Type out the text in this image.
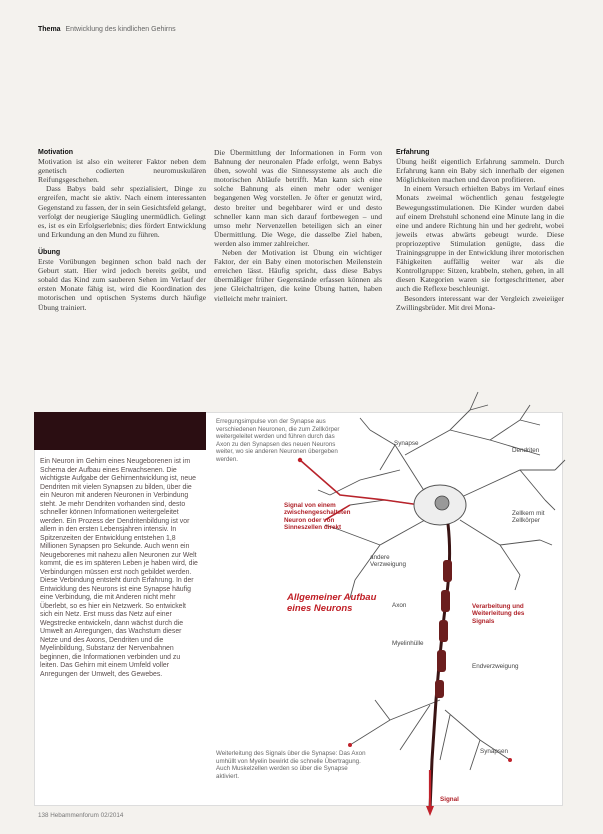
Thema Entwicklung des kindlichen Gehirns
Motivation

Motivation ist also ein weiterer Faktor neben dem genetisch codierten neuromuskulären Reifungsgeschehen.

Dass Babys bald sehr spezialisiert, Dinge zu ergreifen, macht sie aktiv. Nach einem interessanten Gegenstand zu fassen, der in sein Gesichtsfeld gelangt, verfolgt der neugierige Säugling unermüdlich. Gelingt es, ist es ein Erfolgserlebnis; dies fördert Entwicklung und Erkundung an den Mund zu führen.

Übung

Erste Vorübungen beginnen schon bald nach der Geburt statt. Hier wird jedoch bereits geübt, und sobald das Kind zum sauberen Sehen im Verlauf der ersten Monate fähig ist, wird die Koordination des motorischen und optischen Systems durch häufige Übung trainiert.

Die Übermittlung der Informationen in Form von Bahnung der neuronalen Pfade erfolgt, wenn Babys üben, sowohl was die Sinnessysteme als auch die motorischen Abläufe betrifft. Man kann sich eine solche Bahnung als einen mehr oder weniger begangenen Weg vorstellen. Je öfter er genutzt wird, desto breiter und begehbarer wird er und desto schneller kann man sich darauf fortbewegen – und umso mehr Nervenzellen beteiligen sich an einer Übermittlung. Die Wege, die dasselbe Ziel haben, werden also immer zahlreicher.

Neben der Motivation ist Übung ein wichtiger Faktor, der ein Baby einen motorischen Meilenstein erreichen lässt. Häufig spricht, dass diese Babys übermäßiger früher Gegenstände erfassen können als jene Gleichaltrigen, die keine Übung hatten, haben vielleicht mehr trainiert.

Erfahrung

Übung heißt eigentlich Erfahrung sammeln. Durch Erfahrung kann ein Baby sich innerhalb der eigenen Möglichkeiten machen und davon profitieren.

In einem Versuch erhielten Babys im Verlauf eines Monats zweimal wöchentlich genau festgelegte Bewegungsstimulationen. Die Kinder wurden dabei auf einem Drehstuhl schonend eine Minute lang in die eine und andere Richtung hin und her gedreht, wobei jeweils etwas abwärts gebeugt wurde. Diese propriozeptive Stimulation genügte, dass die Trainingsgruppe in der Entwicklung ihrer motorischen Fähigkeiten auffällig weiter war als die Kontrollgruppe: Sitzen, krabbeln, stehen, gehen, in all diesen Kategorien waren sie fortgeschrittener, aber auch die Reflexe beschleunigt.

Besonders interessant war der Vergleich zweieiiger Zwillingsbrüder. Mit drei Mona-

Ein Neuron im Gehirn eines Neugeborenen ist im Schema der Aufbau eines Erwachsenen. Die wichtigste Aufgabe der Gehirnentwicklung ist, neue Dendriten mit vielen Synapsen zu bilden, über die ein Neuron mit anderen Neuronen in Verbindung steht. Je mehr Dendriten vorhanden sind, desto schneller können Informationen weitergeleitet werden. Ein Prozess der Dendritenbildung ist vor allem in den ersten Lebensjahren intensiv. In Spitzenzeiten der Entwicklung entstehen 1,8 Millionen Synapsen pro Sekunde. Auch wenn ein Neugeborenes mit nahezu allen Neuronen zur Welt kommt, die es im späteren Leben je haben wird, die Verbindungen müssen erst noch gebildet werden. Diese Verbindung entsteht durch Erfahrung. In der Entwicklung des Neurons ist eine Synapse häufig eine Verbindung, die mit Anderen nicht mehr Überlebt, so es hier ein Netzwerk. So entwickelt sich ein Netz. Erst muss das Netz auf einer Wegstrecke entwickeln, dann wächst durch die Umwelt an Anregungen, das Wachstum dieser Netze und des Axons, Dendriten und die Myelinbildung, Substanz der Nervenbahnen beginnen, die Informationen verbinden und zu leiten. Das Gehirn mit einem Umfeld voller Anregungen der Umwelt, des Gewebes.
Erregungsimpulse von der Synapse aus verschiedenen Neuronen, die zum Zellkörper weitergeleitet werden und führen durch das Axon zu den Synapsen des neuen Neurons weiter, wo sie anderen Neuronen übergeben werden.
Weiterleitung des Signals über die Synapse: Das Axon umhüllt von Myelin bewirkt die schnelle Übertragung. Auch Muskelzellen werden so über die Synapse aktiviert.
Allgemeiner Aufbau eines Neurons
Synapse
Dendriten
Zellkern mit Zellkörper
Signal von einem zwischengeschalteten Neuron oder von Sinneszellen direkt
andere Verzweigung
Axon	Verarbeitung und Weiterleitung des Signals
Myelinhülle
Endverzweigung
Synapsen
Signal
138 Hebammenforum 02/2014
